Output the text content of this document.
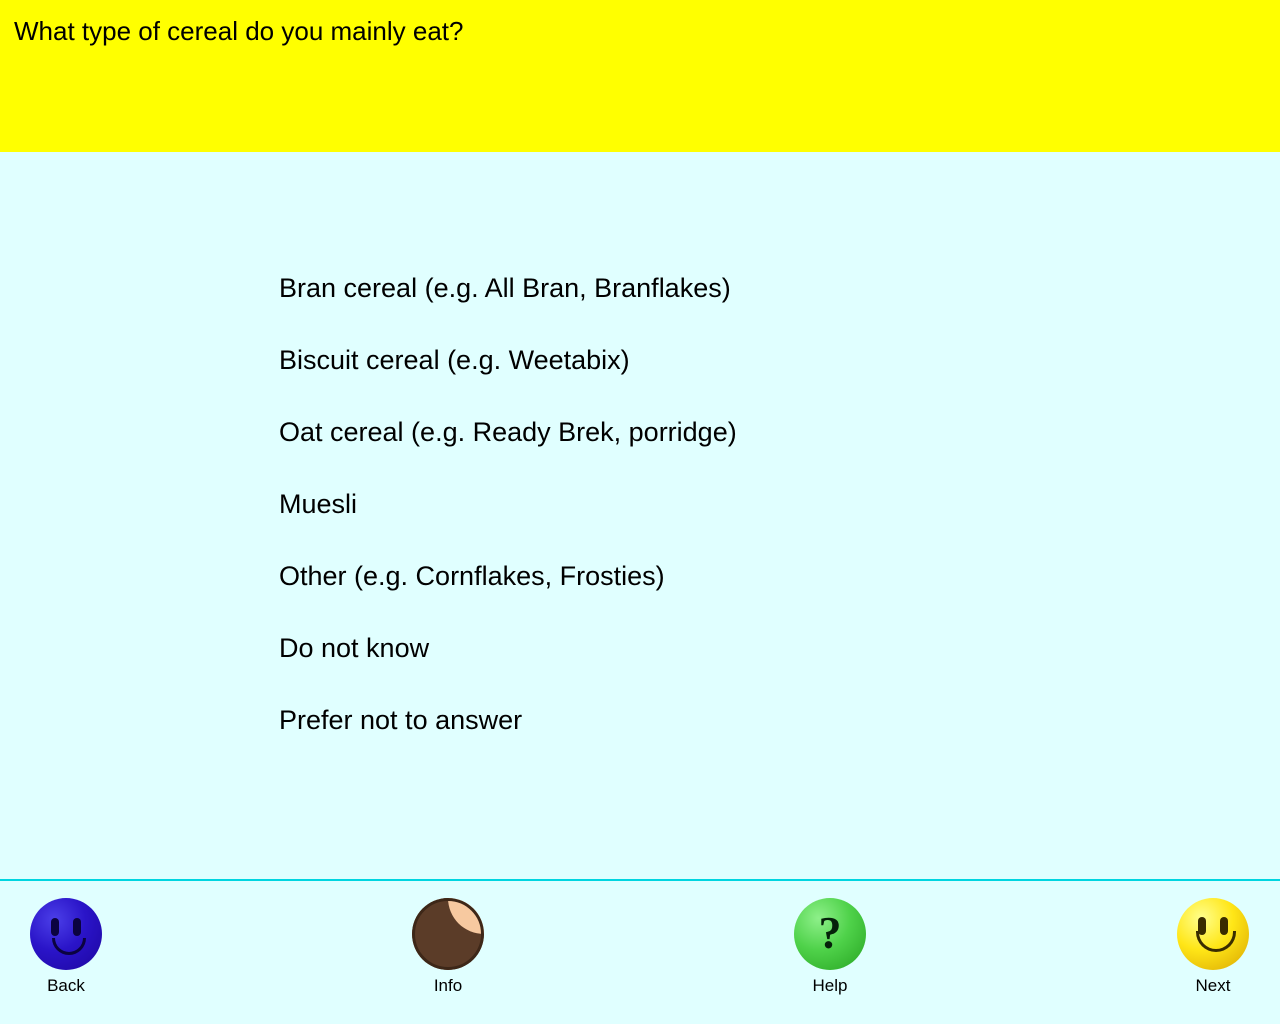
What type of cereal do you mainly eat?
Bran cereal (e.g. All Bran, Branflakes)
Biscuit cereal (e.g. Weetabix)
Oat cereal (e.g. Ready Brek, porridge)
Muesli
Other (e.g. Cornflakes, Frosties)
Do not know
Prefer not to answer
Back	Info
?
Help	Next
